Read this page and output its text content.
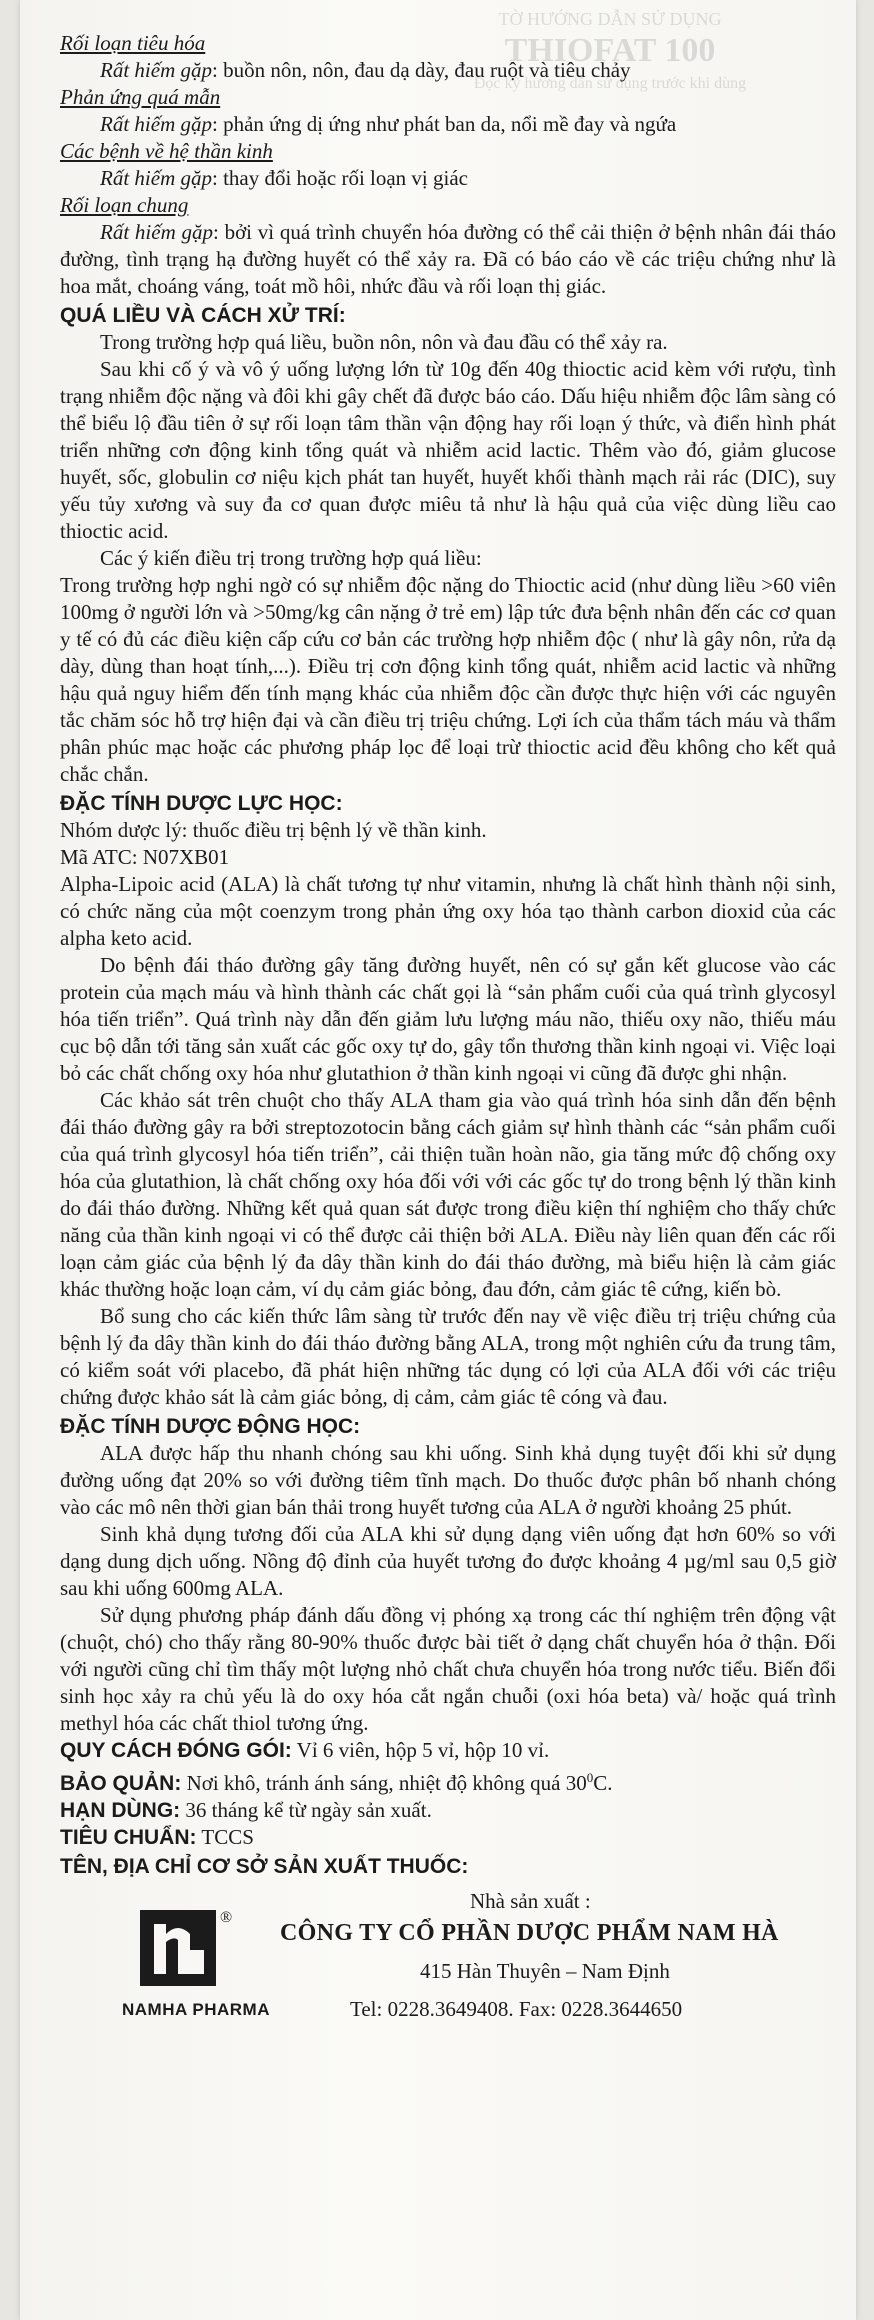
TỜ HƯỚNG DẪN SỬ DỤNG
THIOFAT 100
Đọc kỹ hướng dẫn sử dụng trước khi dùng

Rối loạn tiêu hóa

Rất hiếm gặp: buồn nôn, nôn, đau dạ dày, đau ruột và tiêu chảy

Phản ứng quá mẫn

Rất hiếm gặp: phản ứng dị ứng như phát ban da, nổi mề đay và ngứa

Các bệnh về hệ thần kinh

Rất hiếm gặp: thay đổi hoặc rối loạn vị giác

Rối loạn chung

Rất hiếm gặp: bởi vì quá trình chuyển hóa đường có thể cải thiện ở bệnh nhân đái tháo đường, tình trạng hạ đường huyết có thể xảy ra. Đã có báo cáo về các triệu chứng như là hoa mắt, choáng váng, toát mồ hôi, nhức đầu và rối loạn thị giác.

QUÁ LIỀU VÀ CÁCH XỬ TRÍ:

Trong trường hợp quá liều, buồn nôn, nôn và đau đầu có thể xảy ra.

Sau khi cố ý và vô ý uống lượng lớn từ 10g đến 40g thioctic acid kèm với rượu, tình trạng nhiễm độc nặng và đôi khi gây chết đã được báo cáo. Dấu hiệu nhiễm độc lâm sàng có thể biểu lộ đầu tiên ở sự rối loạn tâm thần vận động hay rối loạn ý thức, và điển hình phát triển những cơn động kinh tổng quát và nhiễm acid lactic. Thêm vào đó, giảm glucose huyết, sốc, globulin cơ niệu kịch phát tan huyết, huyết khối thành mạch rải rác (DIC), suy yếu tủy xương và suy đa cơ quan được miêu tả như là hậu quả của việc dùng liều cao thioctic acid.

Các ý kiến điều trị trong trường hợp quá liều:

Trong trường hợp nghi ngờ có sự nhiễm độc nặng do Thioctic acid (như dùng liều >60 viên 100mg ở người lớn và >50mg/kg cân nặng ở trẻ em) lập tức đưa bệnh nhân đến các cơ quan y tế có đủ các điều kiện cấp cứu cơ bản các trường hợp nhiễm độc ( như là gây nôn, rửa dạ dày, dùng than hoạt tính,...). Điều trị cơn động kinh tổng quát, nhiễm acid lactic và những hậu quả nguy hiểm đến tính mạng khác của nhiễm độc cần được thực hiện với các nguyên tắc chăm sóc hỗ trợ hiện đại và cần điều trị triệu chứng. Lợi ích của thẩm tách máu và thẩm phân phúc mạc hoặc các phương pháp lọc để loại trừ thioctic acid đều không cho kết quả chắc chắn.

ĐẶC TÍNH DƯỢC LỰC HỌC:

Nhóm dược lý: thuốc điều trị bệnh lý về thần kinh.

Mã ATC: N07XB01

Alpha-Lipoic acid (ALA) là chất tương tự như vitamin, nhưng là chất hình thành nội sinh, có chức năng của một coenzym trong phản ứng oxy hóa tạo thành carbon dioxid của các alpha keto acid.

Do bệnh đái tháo đường gây tăng đường huyết, nên có sự gắn kết glucose vào các protein của mạch máu và hình thành các chất gọi là “sản phẩm cuối của quá trình glycosyl hóa tiến triển”. Quá trình này dẫn đến giảm lưu lượng máu não, thiếu oxy não, thiếu máu cục bộ dẫn tới tăng sản xuất các gốc oxy tự do, gây tổn thương thần kinh ngoại vi. Việc loại bỏ các chất chống oxy hóa như glutathion ở thần kinh ngoại vi cũng đã được ghi nhận.

Các khảo sát trên chuột cho thấy ALA tham gia vào quá trình hóa sinh dẫn đến bệnh đái tháo đường gây ra bởi streptozotocin bằng cách giảm sự hình thành các “sản phẩm cuối của quá trình glycosyl hóa tiến triển”, cải thiện tuần hoàn não, gia tăng mức độ chống oxy hóa của glutathion, là chất chống oxy hóa đối với với các gốc tự do trong bệnh lý thần kinh do đái tháo đường. Những kết quả quan sát được trong điều kiện thí nghiệm cho thấy chức năng của thần kinh ngoại vi có thể được cải thiện bởi ALA. Điều này liên quan đến các rối loạn cảm giác của bệnh lý đa dây thần kinh do đái tháo đường, mà biểu hiện là cảm giác khác thường hoặc loạn cảm, ví dụ cảm giác bỏng, đau đớn, cảm giác tê cứng, kiến bò.

Bổ sung cho các kiến thức lâm sàng từ trước đến nay về việc điều trị triệu chứng của bệnh lý đa dây thần kinh do đái tháo đường bằng ALA, trong một nghiên cứu đa trung tâm, có kiểm soát với placebo, đã phát hiện những tác dụng có lợi của ALA đối với các triệu chứng được khảo sát là cảm giác bỏng, dị cảm, cảm giác tê cóng và đau.

ĐẶC TÍNH DƯỢC ĐỘNG HỌC:

ALA được hấp thu nhanh chóng sau khi uống. Sinh khả dụng tuyệt đối khi sử dụng đường uống đạt 20% so với đường tiêm tĩnh mạch. Do thuốc được phân bố nhanh chóng vào các mô nên thời gian bán thải trong huyết tương của ALA ở người khoảng 25 phút.

Sinh khả dụng tương đối của ALA khi sử dụng dạng viên uống đạt hơn 60% so với dạng dung dịch uống. Nồng độ đỉnh của huyết tương đo được khoảng 4 µg/ml sau 0,5 giờ sau khi uống 600mg ALA.

Sử dụng phương pháp đánh dấu đồng vị phóng xạ trong các thí nghiệm trên động vật (chuột, chó) cho thấy rằng 80-90% thuốc được bài tiết ở dạng chất chuyển hóa ở thận. Đối với người cũng chỉ tìm thấy một lượng nhỏ chất chưa chuyển hóa trong nước tiểu. Biến đổi sinh học xảy ra chủ yếu là do oxy hóa cắt ngắn chuỗi (oxi hóa beta) và/ hoặc quá trình methyl hóa các chất thiol tương ứng.

QUY CÁCH ĐÓNG GÓI: Vỉ 6 viên, hộp 5 vỉ, hộp 10 vỉ.

BẢO QUẢN: Nơi khô, tránh ánh sáng, nhiệt độ không quá $30^0C$.

HẠN DÙNG: 36 tháng kể từ ngày sản xuất.

TIÊU CHUẨN: TCCS

TÊN, ĐỊA CHỈ CƠ SỞ SẢN XUẤT THUỐC:

®
NAMHA PHARMA
Nhà sản xuất :
CÔNG TY CỔ PHẦN DƯỢC PHẨM NAM HÀ
415 Hàn Thuyên – Nam Định
Tel: 0228.3649408. Fax: 0228.3644650
